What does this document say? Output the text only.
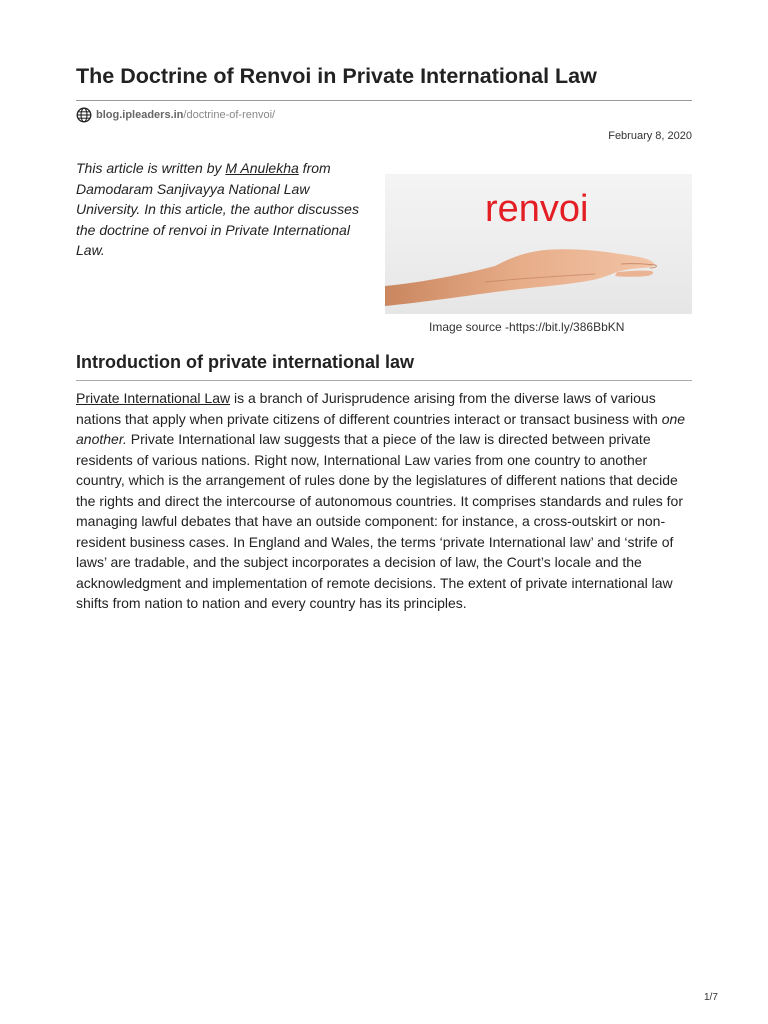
The Doctrine of Renvoi in Private International Law
blog.ipleaders.in /doctrine-of-renvoi/
February 8, 2020
This article is written by M Anulekha from Damodaram Sanjivayya National Law University. In this article, the author discusses the doctrine of renvoi in Private International Law.
renvoi
Image source -https://bit.ly/386BbKN
Introduction of private international law
Private International Law is a branch of Jurisprudence arising from the diverse laws of various nations that apply when private citizens of different countries interact or transact business with one another. Private International law suggests that a piece of the law is directed between private residents of various nations. Right now, International Law varies from one country to another country, which is the arrangement of rules done by the legislatures of different nations that decide the rights and direct the intercourse of autonomous countries. It comprises standards and rules for managing lawful debates that have an outside component: for instance, a cross-outskirt or non-resident business cases. In England and Wales, the terms ‘private International law’ and ‘strife of laws’ are tradable, and the subject incorporates a decision of law, the Court’s locale and the acknowledgment and implementation of remote decisions. The extent of private international law shifts from nation to nation and every country has its principles.
1/7
